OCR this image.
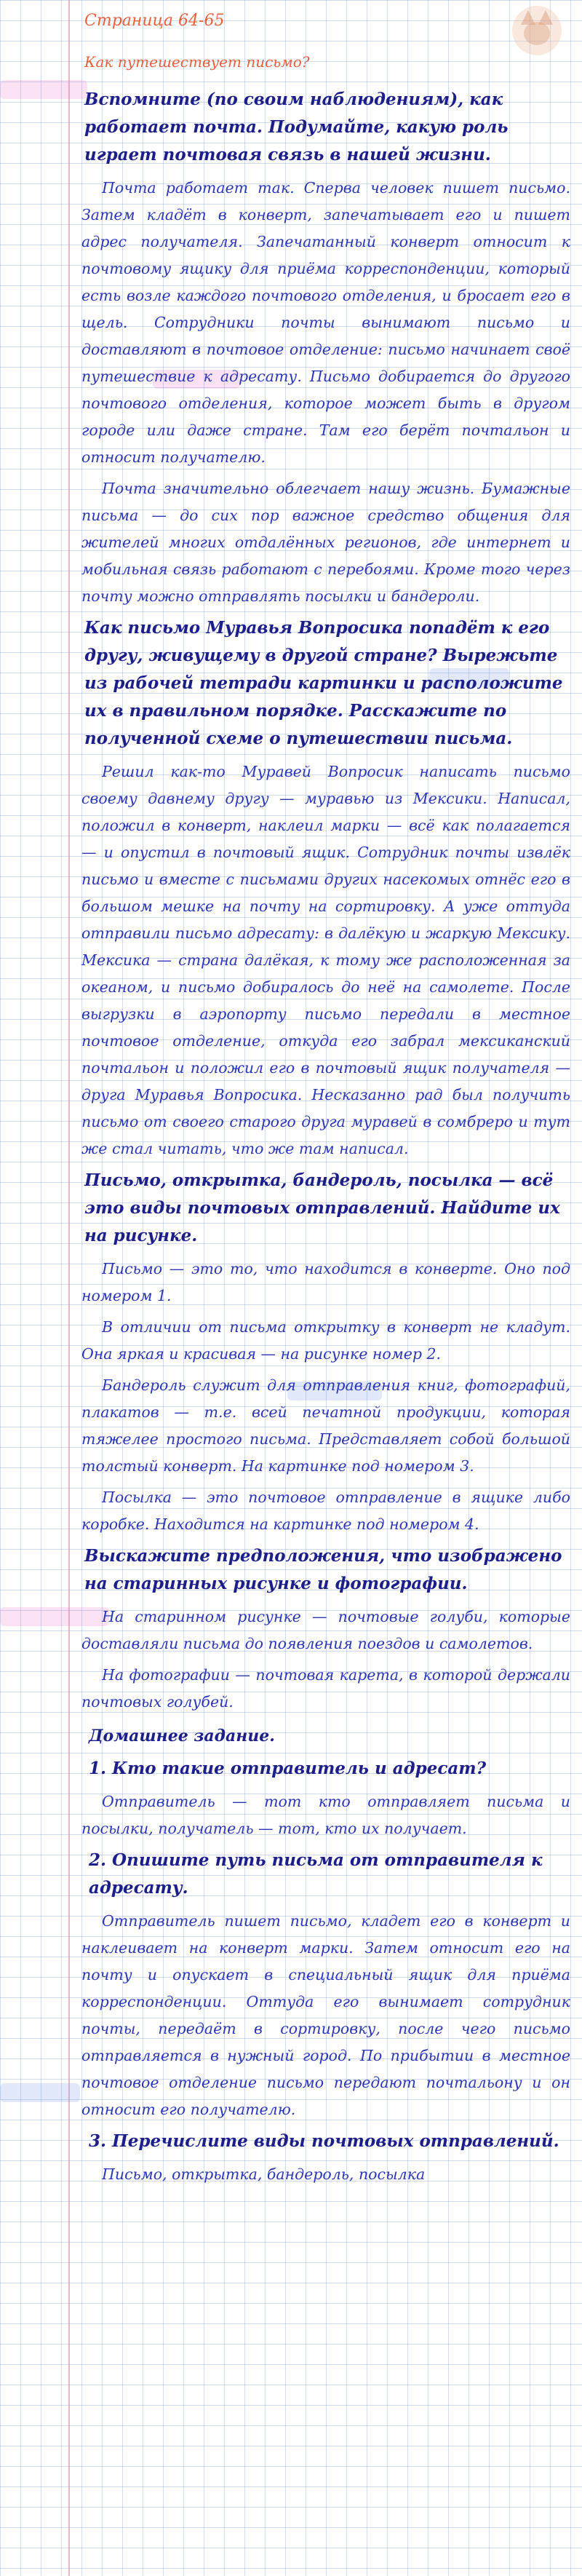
Страница 64-65
Как путешествует письмо?

Вспомните (по своим наблюдениям), как работает почта. Подумайте, какую роль играет почтовая связь в нашей жизни.

Почта работает так. Сперва человек пишет письмо. Затем кладёт в конверт, запечатывает его и пишет адрес получателя. Запечатанный конверт относит к почтовому ящику для приёма корреспонденции, который есть возле каждого почтового отделения, и бросает его в щель. Сотрудники почты вынимают письмо и доставляют в почтовое отделение: письмо начинает своё путешествие к адресату. Письмо добирается до другого почтового отделения, которое может быть в другом городе или даже стране. Там его берёт почтальон и относит получателю.

Почта значительно облегчает нашу жизнь. Бумажные письма — до сих пор важное средство общения для жителей многих отдалённых регионов, где интернет и мобильная связь работают с перебоями. Кроме того через почту можно отправлять посылки и бандероли.

Как письмо Муравья Вопросика попадёт к его другу, живущему в другой стране? Вырежьте из рабочей тетради картинки и расположите их в правильном порядке. Расскажите по полученной схеме о путешествии письма.

Решил как-то Муравей Вопросик написать письмо своему давнему другу — муравью из Мексики. Написал, положил в конверт, наклеил марки — всё как полагается — и опустил в почтовый ящик. Сотрудник почты извлёк письмо и вместе с письмами других насекомых отнёс его в большом мешке на почту на сортировку. А уже оттуда отправили письмо адресату: в далёкую и жаркую Мексику. Мексика — страна далёкая, к тому же расположенная за океаном, и письмо добиралось до неё на самолете. После выгрузки в аэропорту письмо передали в местное почтовое отделение, откуда его забрал мексиканский почтальон и положил его в почтовый ящик получателя — друга Муравья Вопросика. Несказанно рад был получить письмо от своего старого друга муравей в сомбреро и тут же стал читать, что же там написал.

Письмо, открытка, бандероль, посылка — всё это виды почтовых отправлений. Найдите их на рисунке.

Письмо — это то, что находится в конверте. Оно под номером 1.

В отличии от письма открытку в конверт не кладут. Она яркая и красивая — на рисунке номер 2.

Бандероль служит для отправления книг, фотографий, плакатов — т.е. всей печатной продукции, которая тяжелее простого письма. Представляет собой большой толстый конверт. На картинке под номером 3.

Посылка — это почтовое отправление в ящике либо коробке. Находится на картинке под номером 4.

Выскажите предположения, что изображено на старинных рисунке и фотографии.

На старинном рисунке — почтовые голуби, которые доставляли письма до появления поездов и самолетов.

На фотографии — почтовая карета, в которой держали почтовых голубей.

Домашнее задание.

1. Кто такие отправитель и адресат?

Отправитель — тот кто отправляет письма и посылки, получатель — тот, кто их получает.

2. Опишите путь письма от отправителя к адресату.

Отправитель пишет письмо, кладет его в конверт и наклеивает на конверт марки. Затем относит его на почту и опускает в специальный ящик для приёма корреспонденции. Оттуда его вынимает сотрудник почты, передаёт в сортировку, после чего письмо отправляется в нужный город. По прибытии в местное почтовое отделение письмо передают почтальону и он относит его получателю.

3. Перечислите виды почтовых отправлений.

Письмо, открытка, бандероль, посылка
